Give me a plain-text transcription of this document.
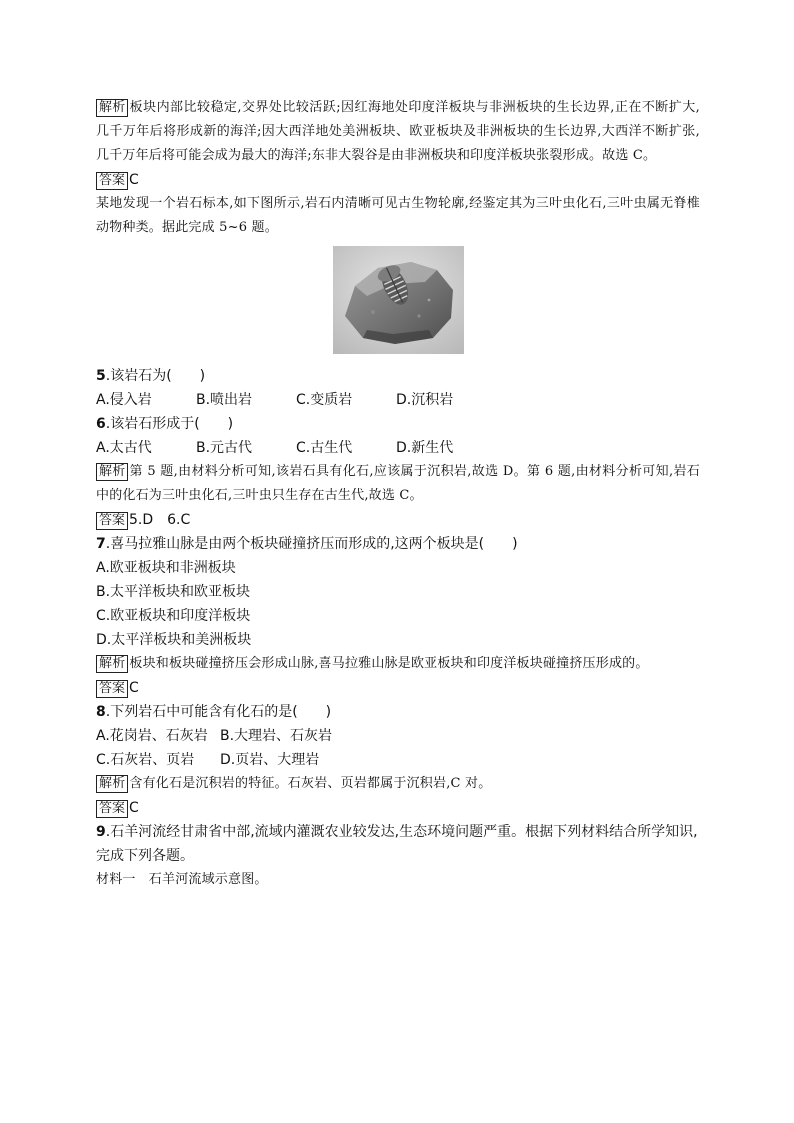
解析 板块内部比较稳定,交界处比较活跃;因红海地处印度洋板块与非洲板块的生长边界,正在不断扩大,几千万年后将形成新的海洋;因大西洋地处美洲板块、欧亚板块及非洲板块的生长边界,大西洋不断扩张,几千万年后将可能会成为最大的海洋;东非大裂谷是由非洲板块和印度洋板块张裂形成。故选 C。

答案 C

某地发现一个岩石标本,如下图所示,岩石内清晰可见古生物轮廓,经鉴定其为三叶虫化石,三叶虫属无脊椎动物种类。据此完成 5~6 题。

5.该岩石为(　　)

A.侵入岩	B.喷出岩	C.变质岩	D.沉积岩

6.该岩石形成于(　　)

A.太古代	B.元古代	C.古生代	D.新生代

解析 第 5 题,由材料分析可知,该岩石具有化石,应该属于沉积岩,故选 D。第 6 题,由材料分析可知,岩石中的化石为三叶虫化石,三叶虫只生存在古生代,故选 C。

答案 5.D　6.C

7.喜马拉雅山脉是由两个板块碰撞挤压而形成的,这两个板块是(　　)

A.欧亚板块和非洲板块

B.太平洋板块和欧亚板块

C.欧亚板块和印度洋板块

D.太平洋板块和美洲板块

解析 板块和板块碰撞挤压会形成山脉,喜马拉雅山脉是欧亚板块和印度洋板块碰撞挤压形成的。

答案 C

8.下列岩石中可能含有化石的是(　　)

A.花岗岩、石灰岩 B.大理岩、石灰岩
C.石灰岩、页岩	D.页岩、大理岩

解析 含有化石是沉积岩的特征。石灰岩、页岩都属于沉积岩,C 对。

答案 C

9.石羊河流经甘肃省中部,流域内灌溉农业较发达,生态环境问题严重。根据下列材料结合所学知识,完成下列各题。

材料一　石羊河流域示意图。
